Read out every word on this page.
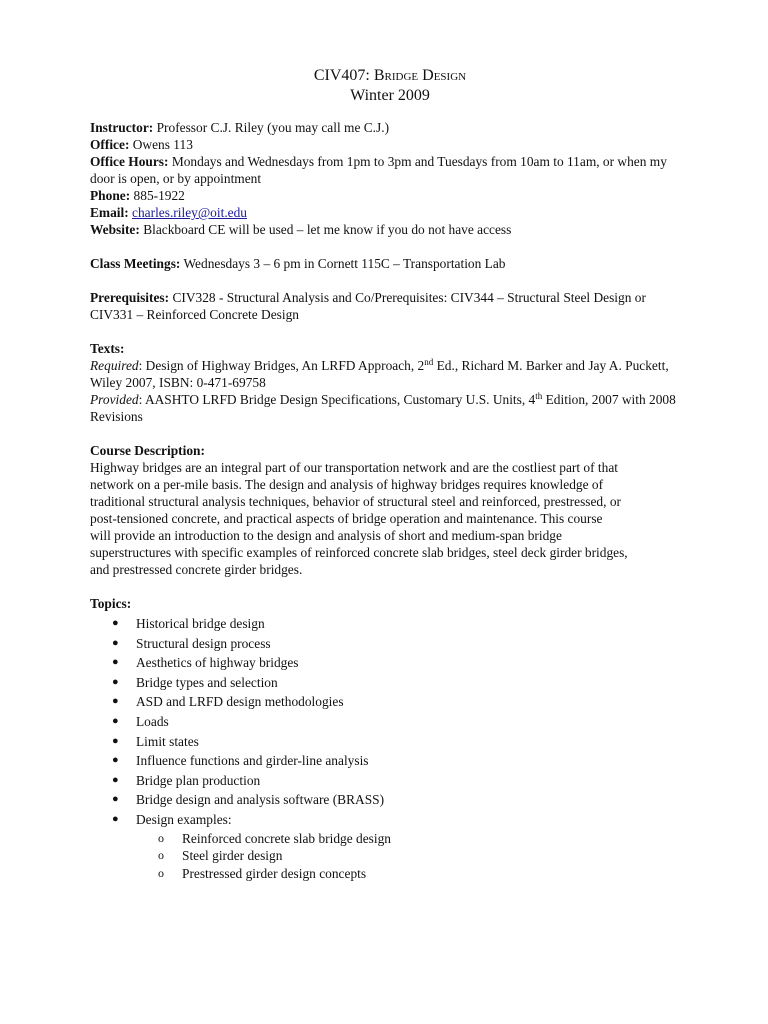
CIV407: Bridge Design

Winter 2009

Instructor: Professor C.J. Riley (you may call me C.J.)

Office: Owens 113

Office Hours: Mondays and Wednesdays from 1pm to 3pm and Tuesdays from 10am to 11am, or when my door is open, or by appointment

Phone: 885-1922

Email: charles.riley@oit.edu

Website: Blackboard CE will be used – let me know if you do not have access

Class Meetings: Wednesdays 3 – 6 pm in Cornett 115C – Transportation Lab

Prerequisites: CIV328 - Structural Analysis and Co/Prerequisites: CIV344 – Structural Steel Design or CIV331 – Reinforced Concrete Design

Texts:

Required: Design of Highway Bridges, An LRFD Approach, 2nd Ed., Richard M. Barker and Jay A. Puckett, Wiley 2007, ISBN: 0-471-69758

Provided: AASHTO LRFD Bridge Design Specifications, Customary U.S. Units, 4th Edition, 2007 with 2008 Revisions

Course Description:

Highway bridges are an integral part of our transportation network and are the costliest part of that

network on a per-mile basis. The design and analysis of highway bridges requires knowledge of

traditional structural analysis techniques, behavior of structural steel and reinforced, prestressed, or

post-tensioned concrete, and practical aspects of bridge operation and maintenance. This course

will provide an introduction to the design and analysis of short and medium-span bridge

superstructures with specific examples of reinforced concrete slab bridges, steel deck girder bridges,

and prestressed concrete girder bridges.

Topics:

● Historical bridge design
● Structural design process
● Aesthetics of highway bridges
● Bridge types and selection
● ASD and LRFD design methodologies
● Loads
● Limit states
● Influence functions and girder-line analysis
● Bridge plan production
● Bridge design and analysis software (BRASS)
● Design examples:
o Reinforced concrete slab bridge design
o Steel girder design
o Prestressed girder design concepts
